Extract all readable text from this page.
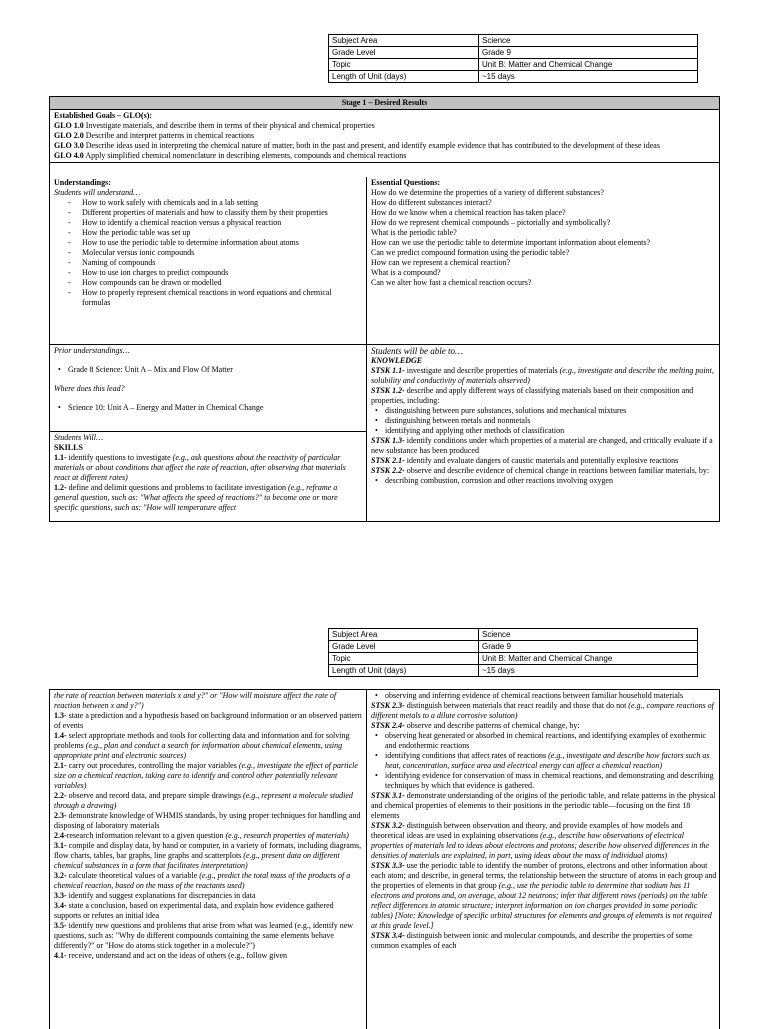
Subject Area	Science
Grade Level	Grade 9
Topic	Unit B: Matter and Chemical Change
Length of Unit (days)	~15 days
Stage 1 – Desired Results

Established Goals – GLO(s):

GLO 1.0 Investigate materials, and describe them in terms of their physical and chemical properties

GLO 2.0 Describe and interpret patterns in chemical reactions

GLO 3.0 Describe ideas used in interpreting the chemical nature of matter, both in the past and present, and identify example evidence that has contributed to the development of these ideas

GLO 4.0 Apply simplified chemical nomenclature in describing elements, compounds and chemical reactions

Understandings:

Students will understand…

- How to work safely with chemicals and in a lab setting
- Different properties of materials and how to classify them by their properties
- How to identify a chemical reaction versus a physical reaction
- How the periodic table was set up
- How to use the periodic table to determine information about atoms
- Molecular versus ionic compounds
- Naming of compounds
- How to use ion charges to predict compounds
- How compounds can be drawn or modelled
- How to properly represent chemical reactions in word equations and chemical formulas

Essential Questions:

How do we determine the properties of a variety of different substances?

How do different substances interact?

How do we know when a chemical reaction has taken place?

How do we represent chemical compounds – pictorially and symbolically?

What is the periodic table?

How can we use the periodic table to determine important information about elements?

Can we predict compound formation using the periodic table?

How can we represent a chemical reaction?

What is a compound?

Can we alter how fast a chemical reaction occurs?

Prior understandings…

• Grade 8 Science: Unit A – Mix and Flow Of Matter

Where does this lead?

• Science 10: Unit A – Energy and Matter in Chemical Change

Students Will…

SKILLS

1.1- identify questions to investigate (e.g., ask questions about the reactivity of particular materials or about conditions that affect the rate of reaction, after observing that materials react at different rates)

1.2- define and delimit questions and problems to facilitate investigation (e.g., reframe a general question, such as: "What affects the speed of reactions?" to become one or more specific questions, such as: "How will temperature affect

Students will be able to…

KNOWLEDGE

STSK 1.1- investigate and describe properties of materials (e.g., investigate and describe the melting point, solubility and conductivity of materials observed)

STSK 1.2- describe and apply different ways of classifying materials based on their composition and properties, including:

• distinguishing between pure substances, solutions and mechanical mixtures
• distinguishing between metals and nonmetals
• identifying and applying other methods of classification

STSK 1.3- identify conditions under which properties of a material are changed, and critically evaluate if a new substance has been produced

STSK 2.1- identify and evaluate dangers of caustic materials and potentially explosive reactions

STSK 2.2- observe and describe evidence of chemical change in reactions between familiar materials, by:

• describing combustion, corrosion and other reactions involving oxygen
Subject Area	Science
Grade Level	Grade 9
Topic	Unit B: Matter and Chemical Change
Length of Unit (days)	~15 days

the rate of reaction between materials x and y?" or "How will moisture affect the rate of reaction between x and y?")

1.3- state a prediction and a hypothesis based on background information or an observed pattern of events

1.4- select appropriate methods and tools for collecting data and information and for solving problems (e.g., plan and conduct a search for information about chemical elements, using appropriate print and electronic sources)

2.1- carry out procedures, controlling the major variables (e.g., investigate the effect of particle size on a chemical reaction, taking care to identify and control other potentially relevant variables)

2.2- observe and record data, and prepare simple drawings (e.g., represent a molecule studied through a drawing)

2.3- demonstrate knowledge of WHMIS standards, by using proper techniques for handling and disposing of laboratory materials

2.4-research information relevant to a given question (e.g., research properties of materials)

3.1- compile and display data, by hand or computer, in a variety of formats, including diagrams, flow charts, tables, bar graphs, line graphs and scatterplots (e.g., present data on different chemical substances in a form that facilitates interpretation)

3.2- calculate theoretical values of a variable (e.g., predict the total mass of the products of a chemical reaction, based on the mass of the reactants used)

3.3- identify and suggest explanations for discrepancies in data

3.4- state a conclusion, based on experimental data, and explain how evidence gathered supports or refutes an initial idea

3.5- identify new questions and problems that arise from what was learned (e.g., identify new questions, such as: "Why do different compounds containing the same elements behave differently?" or "How do atoms stick together in a molecule?")

4.1- receive, understand and act on the ideas of others (e.g., follow given

• observing and inferring evidence of chemical reactions between familiar household materials

STSK 2.3- distinguish between materials that react readily and those that do not (e.g., compare reactions of different metals to a dilute corrosive solution)

STSK 2.4- observe and describe patterns of chemical change, by:

• observing heat generated or absorbed in chemical reactions, and identifying examples of exothermic and endothermic reactions
• identifying conditions that affect rates of reactions (e.g., investigate and describe how factors such as heat, concentration, surface area and electrical energy can affect a chemical reaction)
• identifying evidence for conservation of mass in chemical reactions, and demonstrating and describing techniques by which that evidence is gathered.

STSK 3.1- demonstrate understanding of the origins of the periodic table, and relate patterns in the physical and chemical properties of elements to their positions in the periodic table—focusing on the first 18 elements

STSK 3.2- distinguish between observation and theory, and provide examples of how models and theoretical ideas are used in explaining observations (e.g., describe how observations of electrical properties of materials led to ideas about electrons and protons; describe how observed differences in the densities of materials are explained, in part, using ideas about the mass of individual atoms)

STSK 3.3- use the periodic table to identify the number of protons, electrons and other information about each atom; and describe, in general terms, the relationship between the structure of atoms in each group and the properties of elements in that group (e.g., use the periodic table to determine that sodium has 11 electrons and protons and, on average, about 12 neutrons; infer that different rows (periods) on the table reflect differences in atomic structure; interpret information on ion charges provided in some periodic tables) [Note: Knowledge of specific orbital structures for elements and groups of elements is not required at this grade level.]

STSK 3.4- distinguish between ionic and molecular compounds, and describe the properties of some common examples of each
